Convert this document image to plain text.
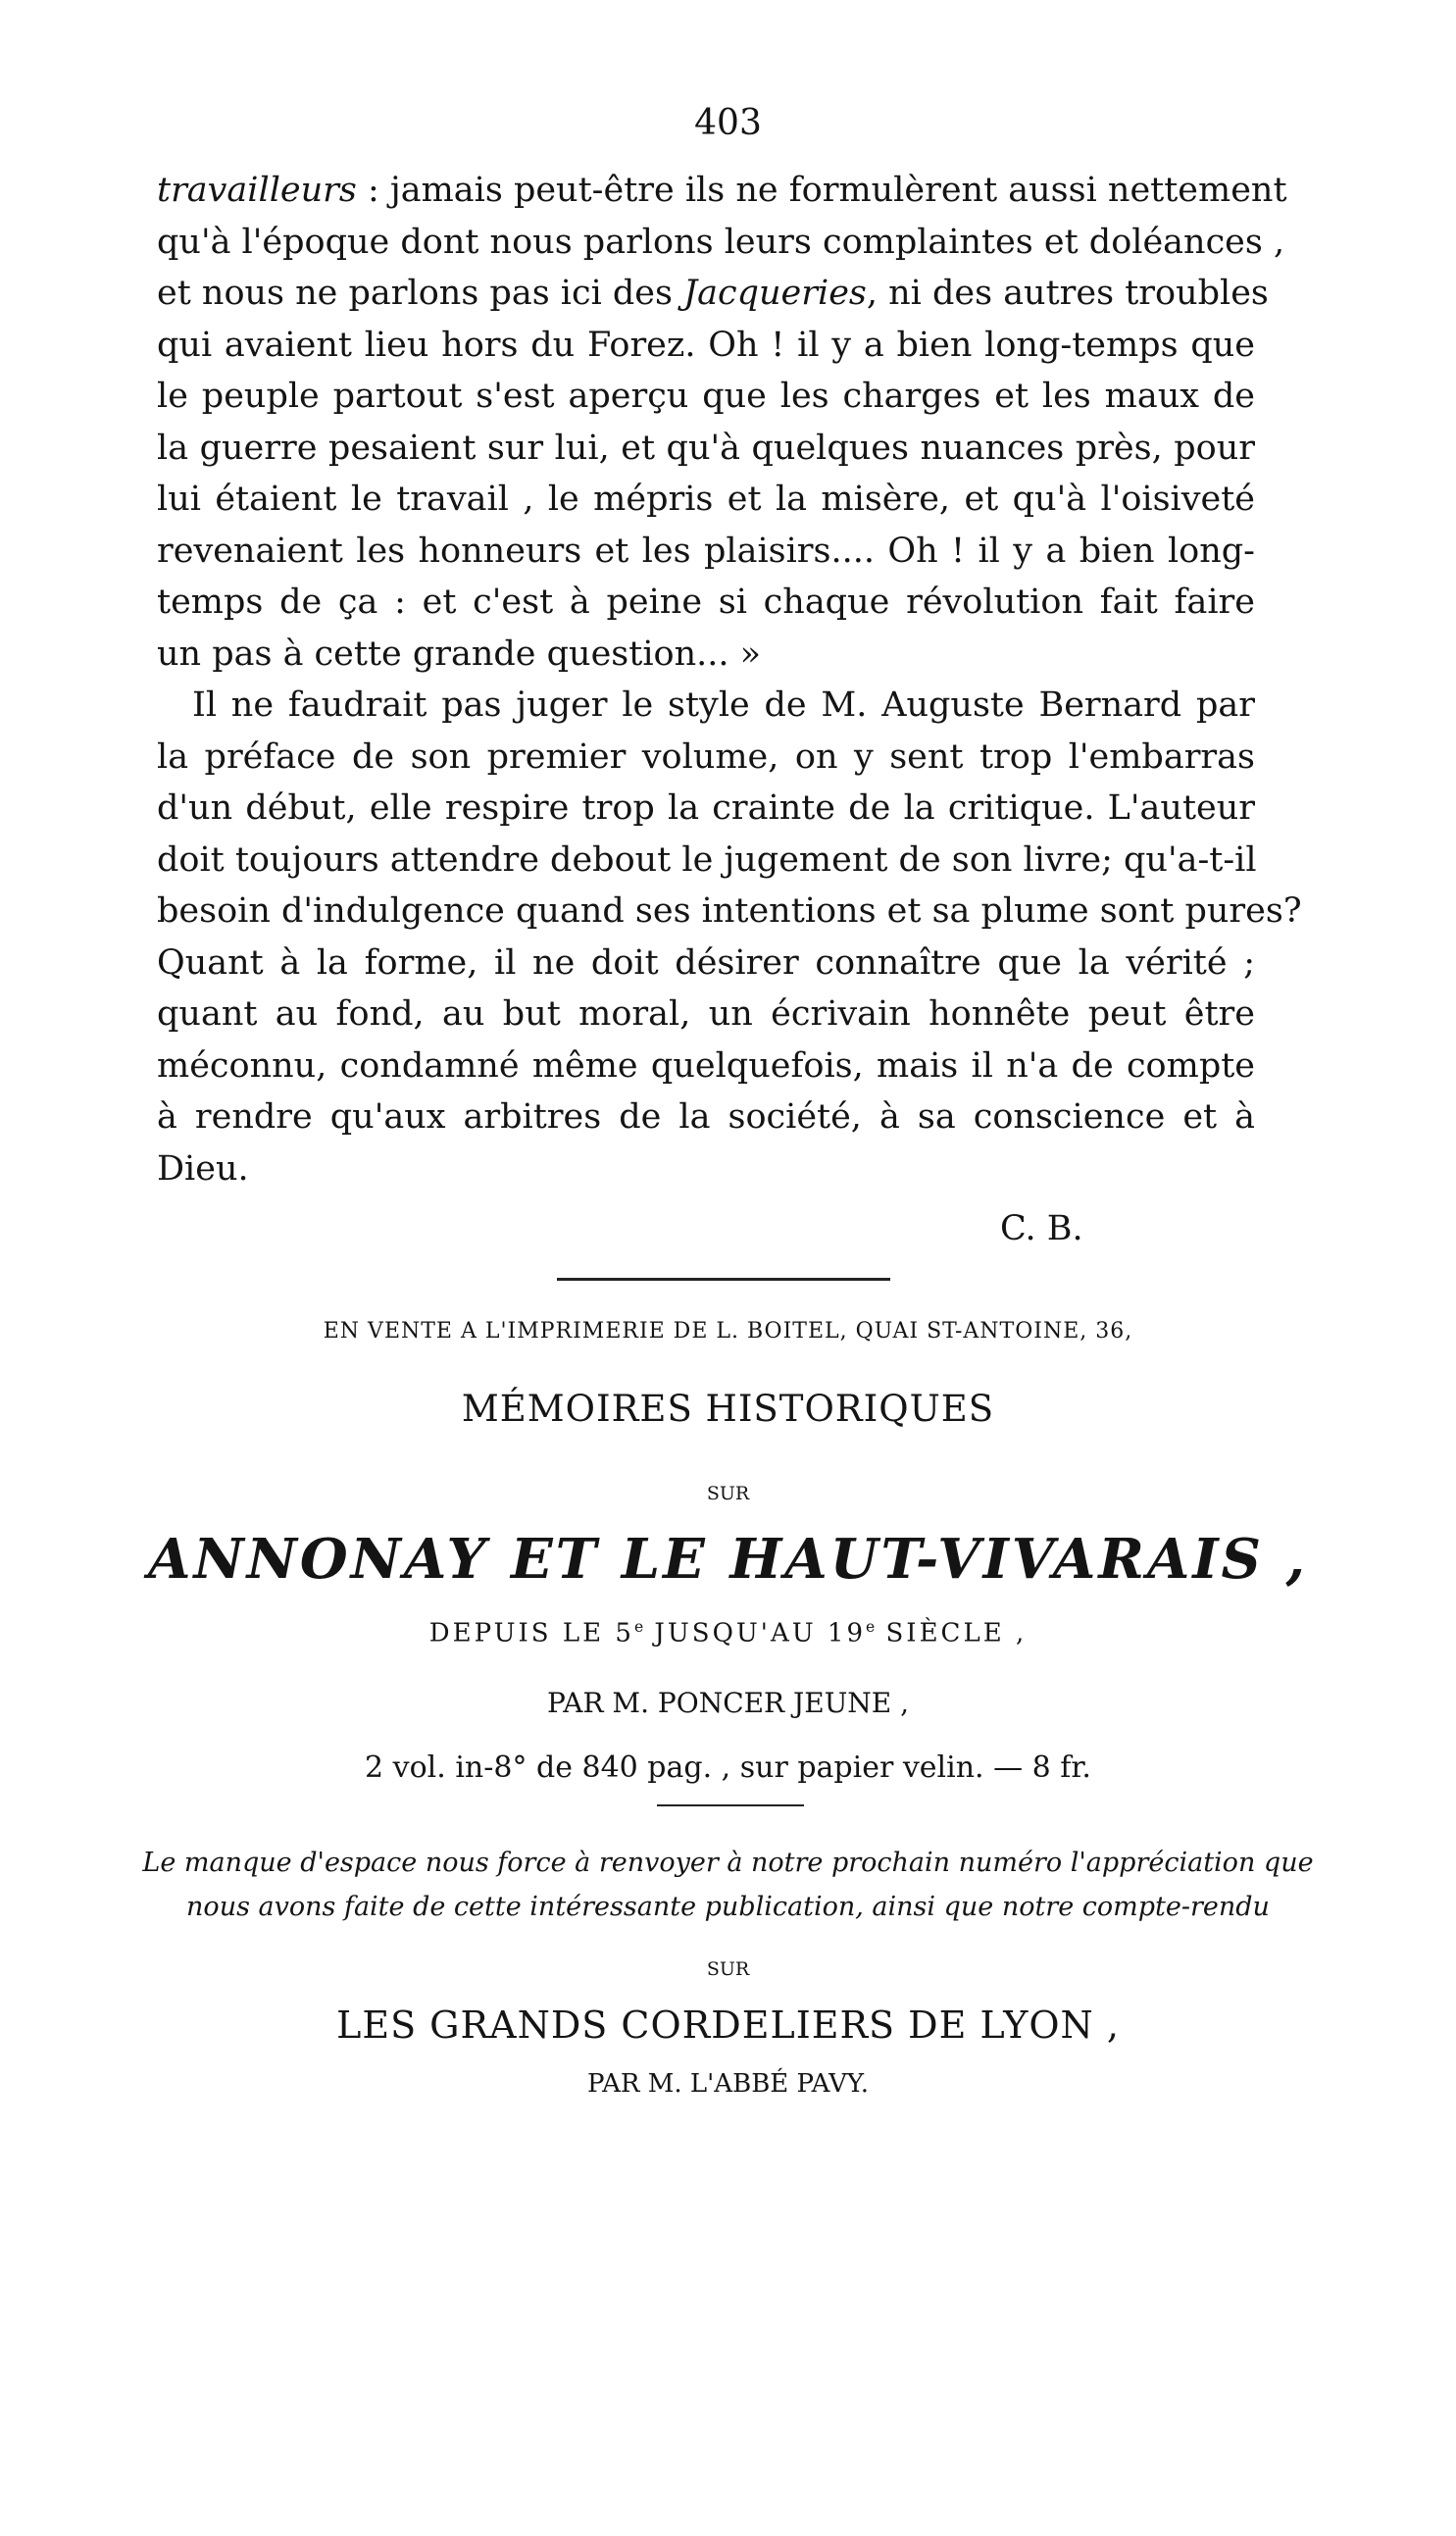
403
travailleurs : jamais peut-être ils ne formulèrent aussi nettement
qu'à l'époque dont nous parlons leurs complaintes et doléances ,
et nous ne parlons pas ici des Jacqueries, ni des autres troubles
qui avaient lieu hors du Forez. Oh ! il y a bien long-temps que
le peuple partout s'est aperçu que les charges et les maux de
la guerre pesaient sur lui, et qu'à quelques nuances près, pour
lui étaient le travail , le mépris et la misère, et qu'à l'oisiveté
revenaient les honneurs et les plaisirs.... Oh ! il y a bien long-
temps de ça : et c'est à peine si chaque révolution fait faire
un pas à cette grande question... »
Il ne faudrait pas juger le style de M. Auguste Bernard par
la préface de son premier volume, on y sent trop l'embarras
d'un début, elle respire trop la crainte de la critique. L'auteur
doit toujours attendre debout le jugement de son livre; qu'a-t-il
besoin d'indulgence quand ses intentions et sa plume sont pures?
Quant à la forme, il ne doit désirer connaître que la vérité ;
quant au fond, au but moral, un écrivain honnête peut être
méconnu, condamné même quelquefois, mais il n'a de compte
à rendre qu'aux arbitres de la société, à sa conscience et à
Dieu.
C. B.
EN VENTE A L'IMPRIMERIE DE L. BOITEL, QUAI ST-ANTOINE, 36,
MÉMOIRES HISTORIQUES
SUR
ANNONAY ET LE HAUT-VIVARAIS ,
DEPUIS LE 5e JUSQU'AU 19e SIÈCLE ,
PAR M. PONCER JEUNE ,
2 vol. in-8° de 840 pag. , sur papier velin. — 8 fr.
Le manque d'espace nous force à renvoyer à notre prochain numéro l'appréciation que
nous avons faite de cette intéressante publication, ainsi que notre compte-rendu
SUR
LES GRANDS CORDELIERS DE LYON ,
PAR M. L'ABBÉ PAVY.
